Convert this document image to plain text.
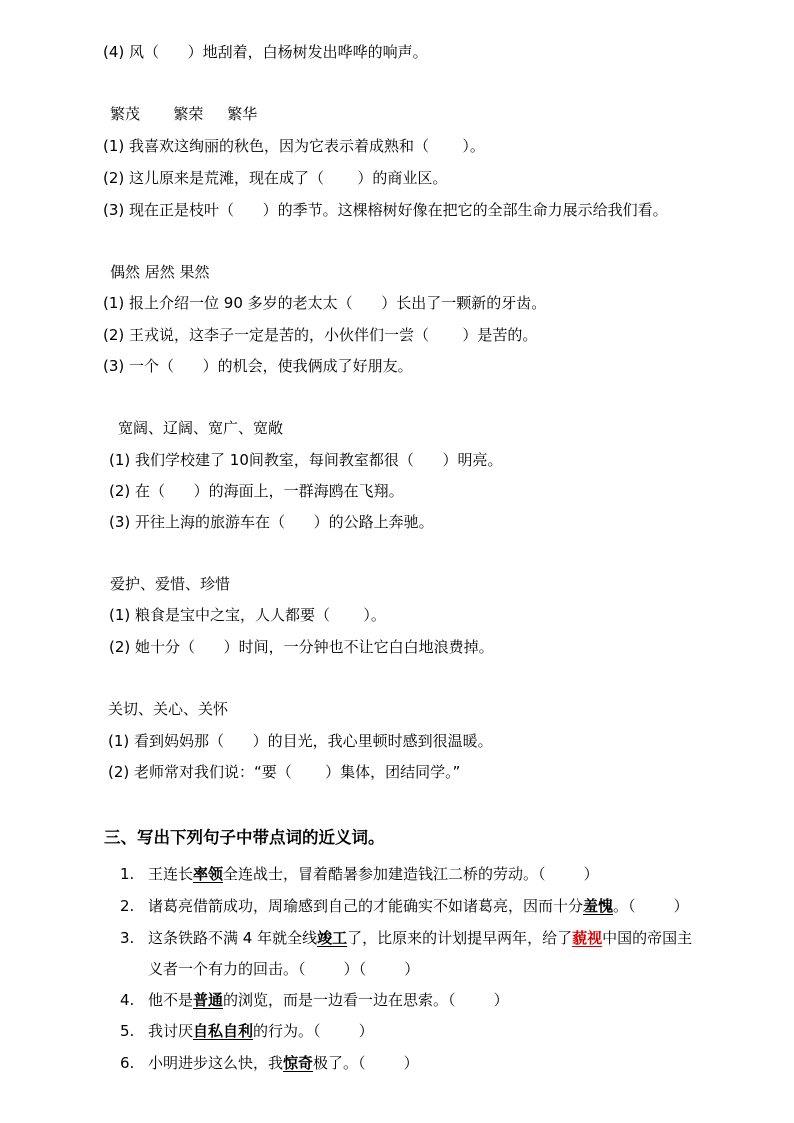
(4) 风（      ）地刮着，白杨树发出哗哗的响声。
繁茂       繁荣     繁华
(1) 我喜欢这绚丽的秋色，因为它表示着成熟和（       ）。
(2) 这儿原来是荒滩，现在成了（       ）的商业区。
(3) 现在正是枝叶（      ）的季节。这棵榕树好像在把它的全部生命力展示给我们看。
偶然 居然 果然
(1) 报上介绍一位 90 多岁的老太太（      ）长出了一颗新的牙齿。
(2) 王戎说，这李子一定是苦的，小伙伴们一尝（       ）是苦的。
(3) 一个（      ）的机会，使我俩成了好朋友。
宽阔、辽阔、宽广、宽敞
(1) 我们学校建了 10间教室，每间教室都很（      ）明亮。
(2) 在（      ）的海面上，一群海鸥在飞翔。
(3) 开往上海的旅游车在（      ）的公路上奔驰。
爱护、爱惜、珍惜
(1) 粮食是宝中之宝，人人都要（       ）。
(2) 她十分（      ）时间，一分钟也不让它白白地浪费掉。
关切、关心、关怀
(1) 看到妈妈那（      ）的目光，我心里顿时感到很温暖。
(2) 老师常对我们说：“要（       ）集体，团结同学。”
三、写出下列句子中带点词的近义词。
1. 王连长率领全连战士，冒着酷暑参加建造钱江二桥的劳动。（        ）
2. 诸葛亮借箭成功，周瑜感到自己的才能确实不如诸葛亮，因而十分羞愧。（        ）
3. 这条铁路不满 4 年就全线竣工了，比原来的计划提早两年，给了藐视中国的帝国主
义者一个有力的回击。（        ）（        ）
4. 他不是普通的浏览，而是一边看一边在思索。（        ）
5. 我讨厌自私自利的行为。（        ）
6. 小明进步这么快，我惊奇极了。（        ）
